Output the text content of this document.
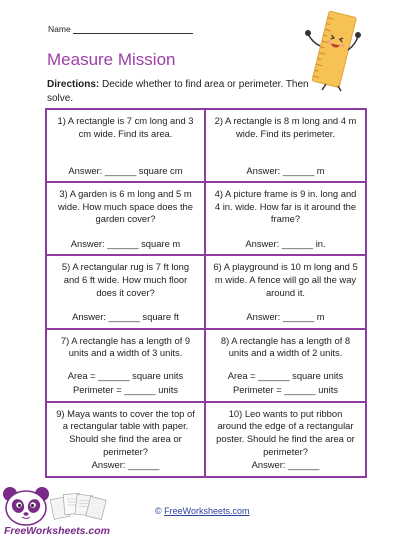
Name
Measure Mission
Directions: Decide whether to find area or perimeter. Then solve.
1) A rectangle is 7 cm long and 3 cm wide. Find its area.
Answer: ______ square cm
2) A rectangle is 8 m long and 4 m wide. Find its perimeter.
Answer: ______ m
3) A garden is 6 m long and 5 m wide. How much space does the garden cover?
Answer: ______ square m
4) A picture frame is 9 in. long and 4 in. wide. How far is it around the frame?
Answer: ______ in.
5) A rectangular rug is 7 ft long and 6 ft wide. How much floor does it cover?
Answer: ______ square ft
6) A playground is 10 m long and 5 m wide. A fence will go all the way around it.
Answer: ______ m
7) A rectangle has a length of 9 units and a width of 3 units.
Area = ______ square units
Perimeter = ______ units
8) A rectangle has a length of 8 units and a width of 2 units.
Area = ______ square units
Perimeter = ______ units
9) Maya wants to cover the top of a rectangular table with paper. Should she find the area or perimeter?
Answer: ______
10) Leo wants to put ribbon around the edge of a rectangular poster. Should he find the area or perimeter?
Answer: ______
FreeWorksheets.com
© FreeWorksheets.com
